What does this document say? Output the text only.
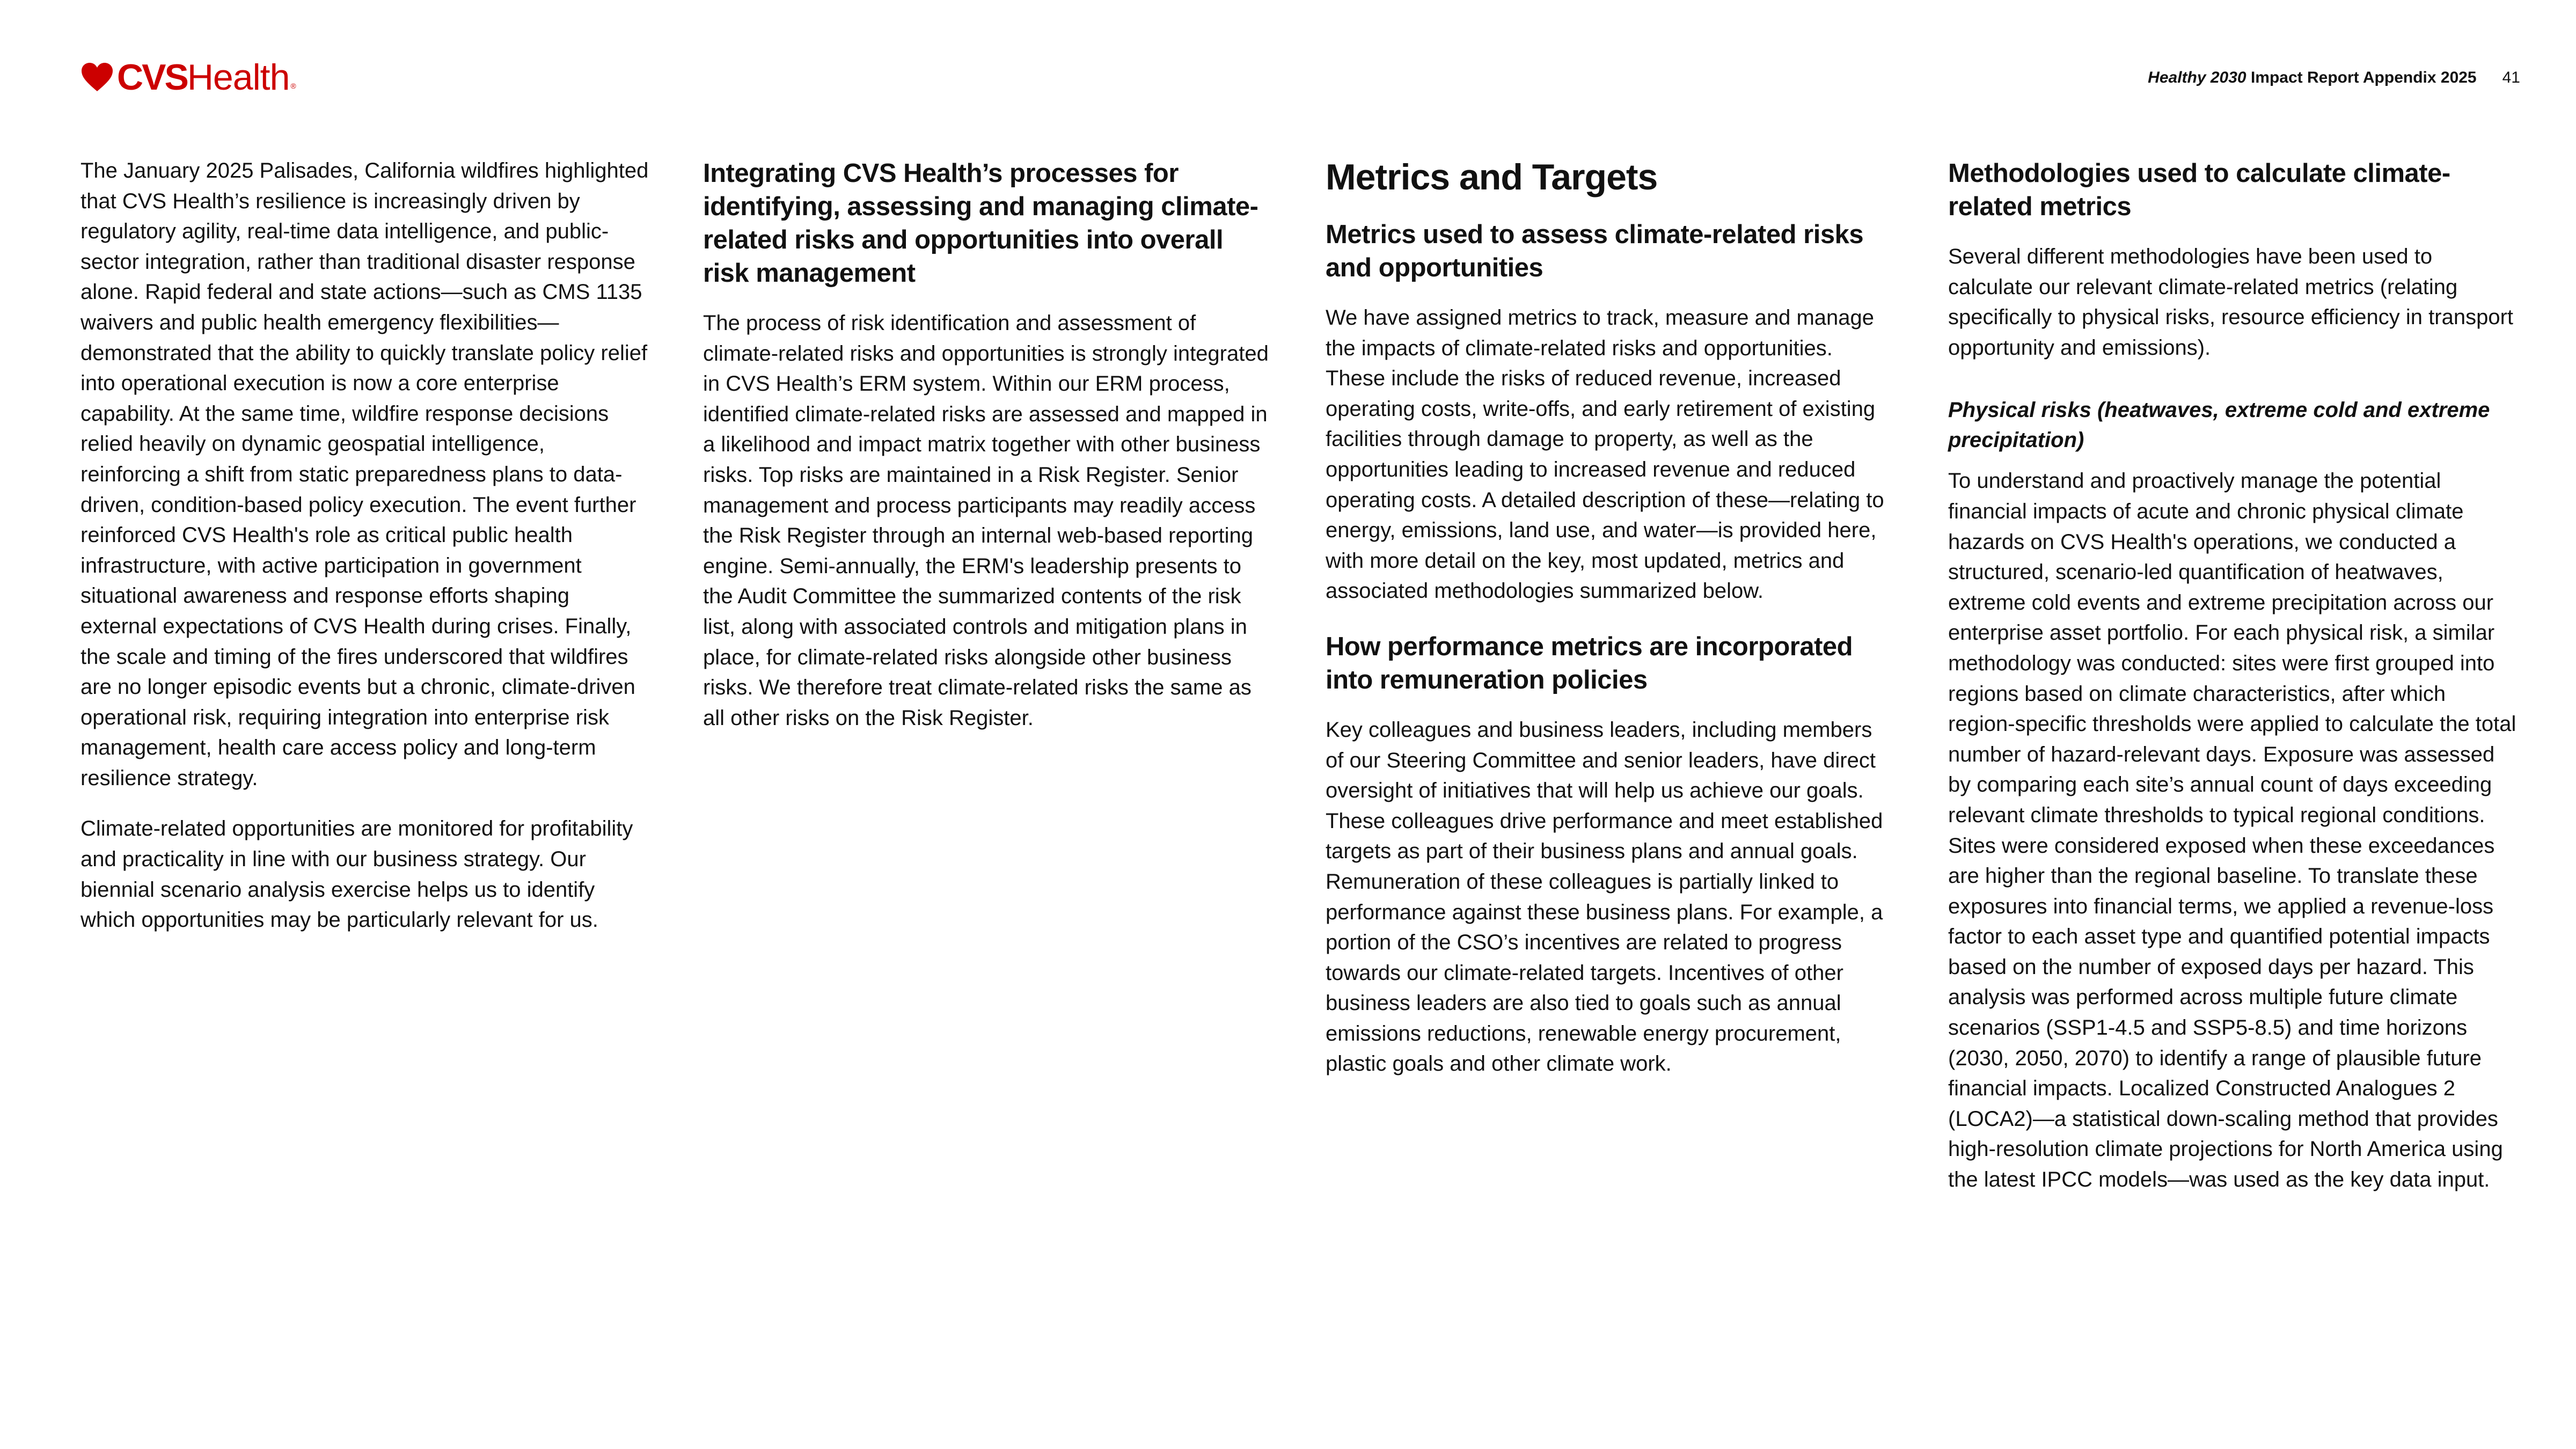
CVS Health ®	Healthy 2030 Impact Report Appendix 2025 41

The January 2025 Palisades, California wildfires highlighted that CVS Health’s resilience is increasingly driven by regulatory agility, real-time data intelligence, and public-sector integration, rather than traditional disaster response alone. Rapid federal and state actions—such as CMS 1135 waivers and public health emergency flexibilities—demonstrated that the ability to quickly translate policy relief into operational execution is now a core enterprise capability. At the same time, wildfire response decisions relied heavily on dynamic geospatial intelligence, reinforcing a shift from static preparedness plans to data-driven, condition-based policy execution. The event further reinforced CVS Health's role as critical public health infrastructure, with active participation in government situational awareness and response efforts shaping external expectations of CVS Health during crises. Finally, the scale and timing of the fires underscored that wildfires are no longer episodic events but a chronic, climate-driven operational risk, requiring integration into enterprise risk management, health care access policy and long-term resilience strategy.

Climate-related opportunities are monitored for profitability and practicality in line with our business strategy. Our biennial scenario analysis exercise helps us to identify which opportunities may be particularly relevant for us.

Integrating CVS Health’s processes for identifying, assessing and managing climate-related risks and opportunities into overall risk management

The process of risk identification and assessment of climate-related risks and opportunities is strongly integrated in CVS Health’s ERM system. Within our ERM process, identified climate-related risks are assessed and mapped in a likelihood and impact matrix together with other business risks. Top risks are maintained in a Risk Register. Senior management and process participants may readily access the Risk Register through an internal web-based reporting engine. Semi-annually, the ERM's leadership presents to the Audit Committee the summarized contents of the risk list, along with associated controls and mitigation plans in place, for climate-related risks alongside other business risks. We therefore treat climate-related risks the same as all other risks on the Risk Register.

Metrics and Targets
Metrics used to assess climate-related risks and opportunities

We have assigned metrics to track, measure and manage the impacts of climate-related risks and opportunities. These include the risks of reduced revenue, increased operating costs, write-offs, and early retirement of existing facilities through damage to property, as well as the opportunities leading to increased revenue and reduced operating costs. A detailed description of these—relating to energy, emissions, land use, and water—is provided here, with more detail on the key, most updated, metrics and associated methodologies summarized below.

How performance metrics are incorporated into remuneration policies

Key colleagues and business leaders, including members of our Steering Committee and senior leaders, have direct oversight of initiatives that will help us achieve our goals. These colleagues drive performance and meet established targets as part of their business plans and annual goals. Remuneration of these colleagues is partially linked to performance against these business plans. For example, a portion of the CSO’s incentives are related to progress towards our climate-related targets. Incentives of other business leaders are also tied to goals such as annual emissions reductions, renewable energy procurement, plastic goals and other climate work.

Methodologies used to calculate climate-related metrics

Several different methodologies have been used to calculate our relevant climate-related metrics (relating specifically to physical risks, resource efficiency in transport opportunity and emissions).

Physical risks (heatwaves, extreme cold and extreme precipitation)

To understand and proactively manage the potential financial impacts of acute and chronic physical climate hazards on CVS Health's operations, we conducted a structured, scenario-led quantification of heatwaves, extreme cold events and extreme precipitation across our enterprise asset portfolio. For each physical risk, a similar methodology was conducted: sites were first grouped into regions based on climate characteristics, after which region-specific thresholds were applied to calculate the total number of hazard-relevant days. Exposure was assessed by comparing each site’s annual count of days exceeding relevant climate thresholds to typical regional conditions. Sites were considered exposed when these exceedances are higher than the regional baseline. To translate these exposures into financial terms, we applied a revenue-loss factor to each asset type and quantified potential impacts based on the number of exposed days per hazard. This analysis was performed across multiple future climate scenarios (SSP1-4.5 and SSP5-8.5) and time horizons (2030, 2050, 2070) to identify a range of plausible future financial impacts. Localized Constructed Analogues 2 (LOCA2)—a statistical down-scaling method that provides high-resolution climate projections for North America using the latest IPCC models—was used as the key data input.
